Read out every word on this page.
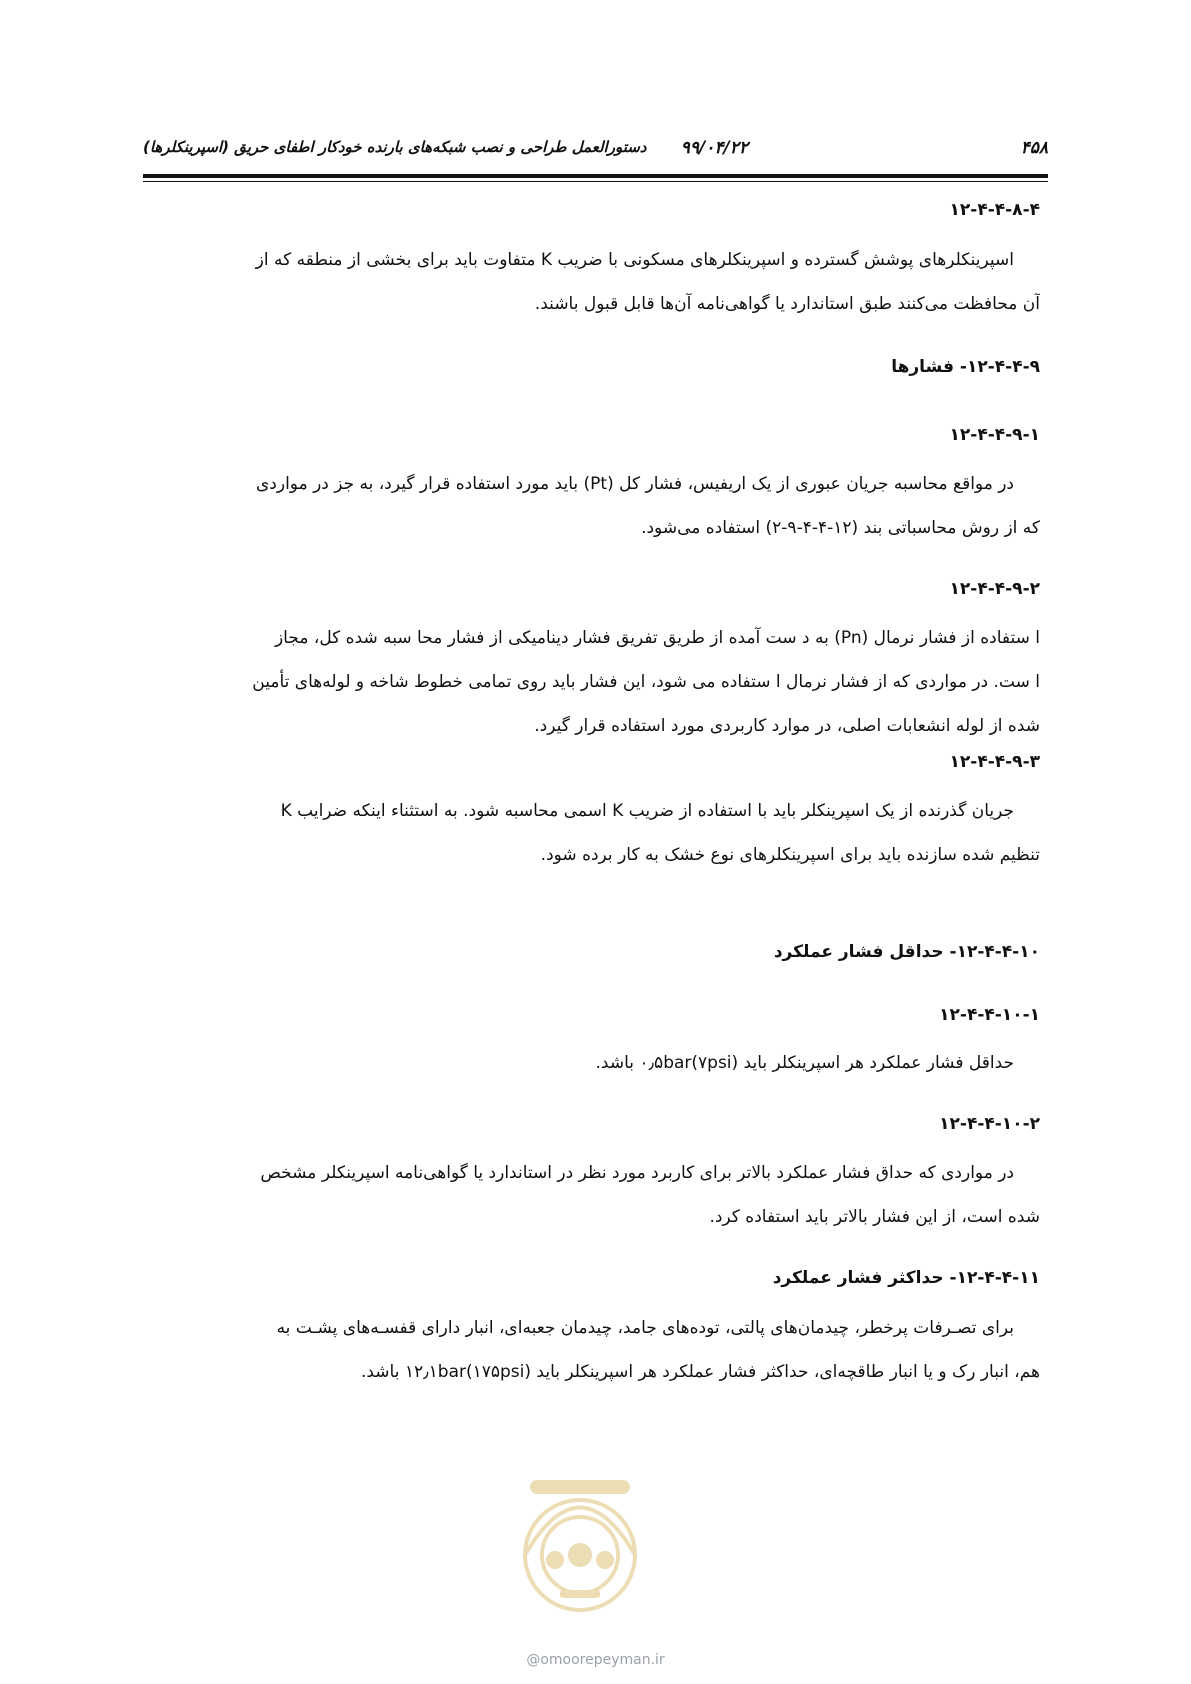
۴۵۸
۹۹/۰۴/۲۲
دستورالعمل طراحی و نصب شبکه‌های بارنده خودکار اطفای حریق (اسپرینکلرها)
۱۲-۴-۴-۸-۴
اسپرینکلرهای پوشش گسترده و اسپرینکلرهای مسکونی با ضریب K متفاوت باید برای بخشی از منطقه که از
آن محافظت می‌کنند طبق استاندارد یا گواهی‌نامه آن‌ها قابل قبول باشند.
۱۲-۴-۴-۹- فشارها
۱۲-۴-۴-۹-۱
در مواقع محاسبه جریان عبوری از یک اریفیس، فشار کل (Pt) باید مورد استفاده قرار گیرد، به جز در مواردی
که از روش محاسباتی بند (۱۲-۴-۴-۹-۲) استفاده می‌شود.
۱۲-۴-۴-۹-۲
ا ستفاده از فشار نرمال (Pn) به د ست آمده از طریق تفریق فشار دینامیکی از فشار محا سبه شده کل، مجاز
ا ست. در مواردی که از فشار نرمال ا ستفاده می شود، این فشار باید روی تمامی خطوط شاخه و لوله‌های تأمین
شده از لوله انشعابات اصلی، در موارد کاربردی مورد استفاده قرار گیرد.
۱۲-۴-۴-۹-۳
جریان گذرنده از یک اسپرینکلر باید با استفاده از ضریب K اسمی محاسبه شود. به استثناء اینکه ضرایب K
تنظیم شده سازنده باید برای اسپرینکلرهای نوع خشک به کار برده شود.
۱۲-۴-۴-۱۰- حداقل فشار عملکرد
۱۲-۴-۴-۱۰-۱
حداقل فشار عملکرد هر اسپرینکلر باید ۰٫۵bar(۷psi) باشد.
۱۲-۴-۴-۱۰-۲
در مواردی که حداق فشار عملکرد بالاتر برای کاربرد مورد نظر در استاندارد یا گواهی‌نامه اسپرینکلر مشخص
شده است، از این فشار بالاتر باید استفاده کرد.
۱۲-۴-۴-۱۱- حداکثر فشار عملکرد
برای تصـرفات پرخطر، چیدمان‌های پالتی، توده‌های جامد، چیدمان جعبه‌ای، انبار دارای قفسـه‌های پشـت به
هم، انبار رک و یا انبار طاقچه‌ای، حداکثر فشار عملکرد هر اسپرینکلر باید ۱۲٫۱bar(۱۷۵psi) باشد.
@omoorepeyman.ir
